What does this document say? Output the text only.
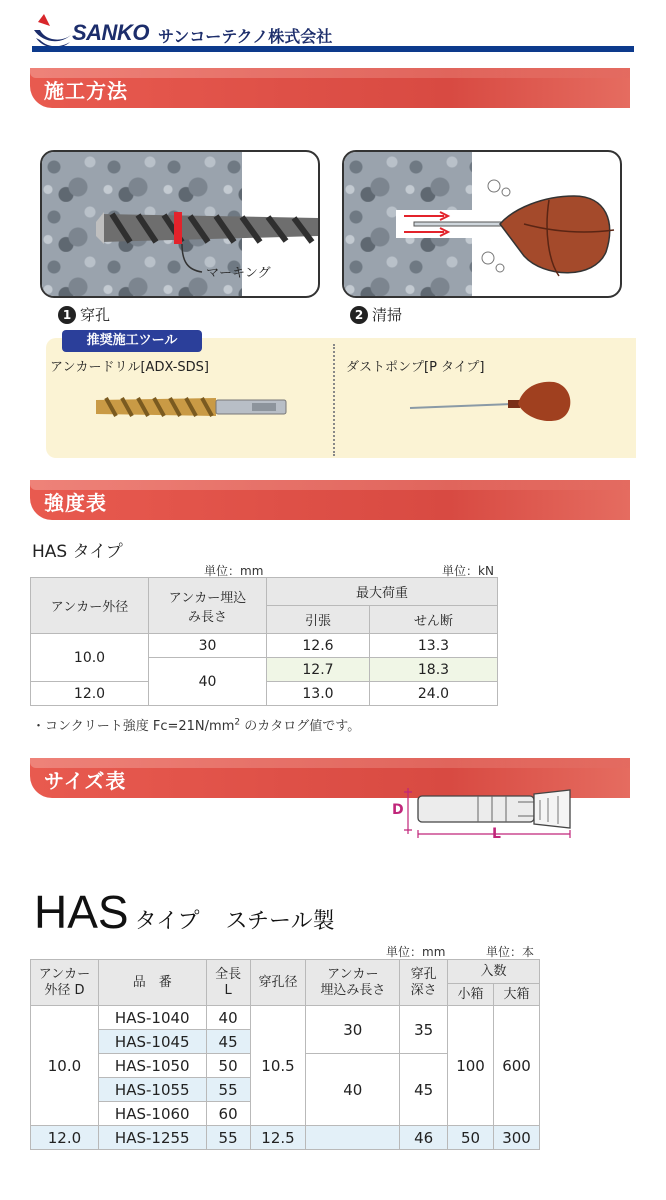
SANKO サンコーテクノ株式会社
施工方法
マーキング
1 穿孔	2 清掃
推奨施工ツール
アンカードリル[ADX-SDS]	ダストポンプ[P タイプ]
強度表
HAS タイプ
単位：mm	単位：kN
アンカー外径	アンカー埋込み長さ	最大荷重	
		引張	せん断
10.0	30	12.6	13.3
	40	12.7	18.3
12.0		13.0	24.0
・コンクリート強度 $Fc=21N/mm^2$ のカタログ値です。
サイズ表
D
L
HAS タイプ スチール製
単位：mm	単位：本
アンカー
外径 D	品　番	全長
L	穿孔径	アンカー
埋込み長さ	穿孔
深さ	入数	
						小箱	大箱
10.0	HAS-1040	40	10.5	30	35	100	600
	HAS-1045	45					
	HAS-1050	50		40	45		
	HAS-1055	55					
	HAS-1060	60					
12.0	HAS-1255	55	12.5		46	50	300
